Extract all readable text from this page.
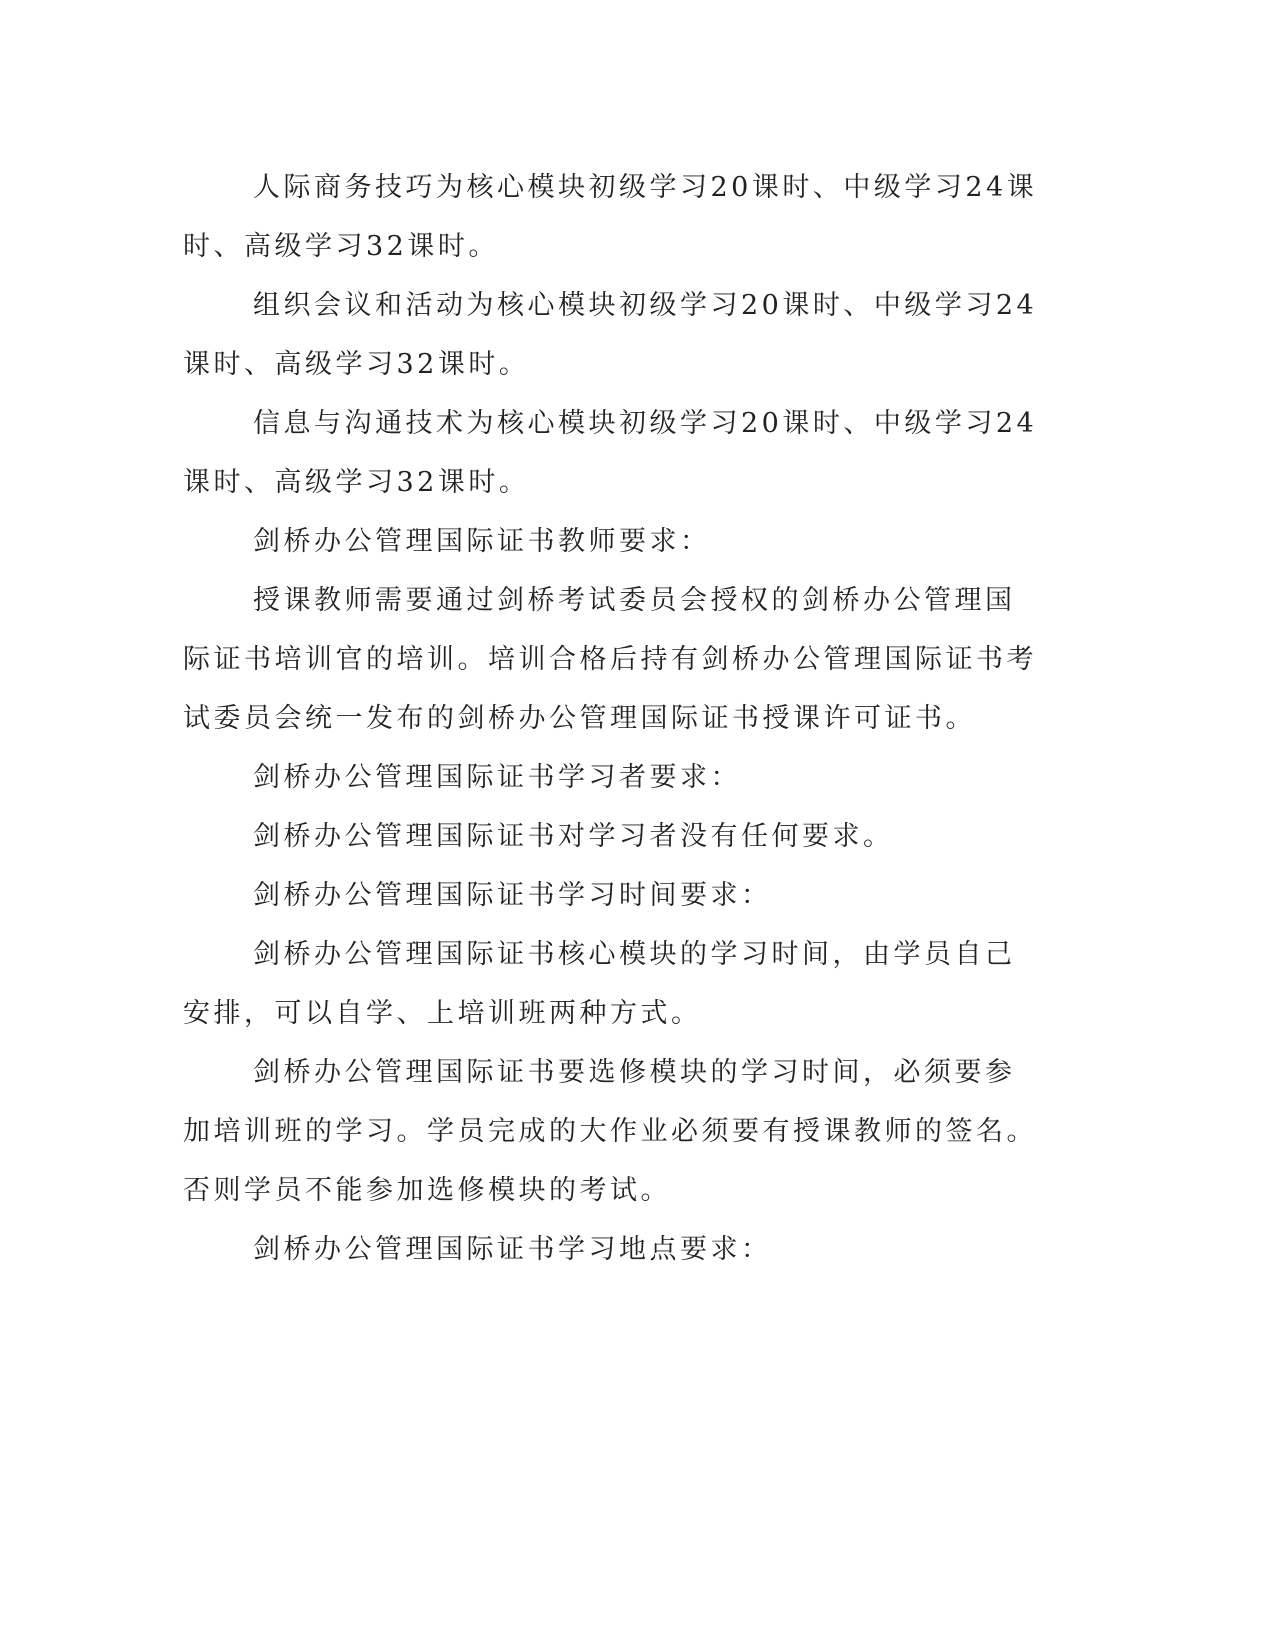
人际商务技巧为核心模块初级学习20课时、中级学习24课时、高级学习32课时。

组织会议和活动为核心模块初级学习20课时、中级学习24课时、高级学习32课时。

信息与沟通技术为核心模块初级学习20课时、中级学习24课时、高级学习32课时。

剑桥办公管理国际证书教师要求：

授课教师需要通过剑桥考试委员会授权的剑桥办公管理国际证书培训官的培训。培训合格后持有剑桥办公管理国际证书考试委员会统一发布的剑桥办公管理国际证书授课许可证书。

剑桥办公管理国际证书学习者要求：

剑桥办公管理国际证书对学习者没有任何要求。

剑桥办公管理国际证书学习时间要求：

剑桥办公管理国际证书核心模块的学习时间，由学员自己安排，可以自学、上培训班两种方式。

剑桥办公管理国际证书要选修模块的学习时间，必须要参加培训班的学习。学员完成的大作业必须要有授课教师的签名。否则学员不能参加选修模块的考试。

剑桥办公管理国际证书学习地点要求：
